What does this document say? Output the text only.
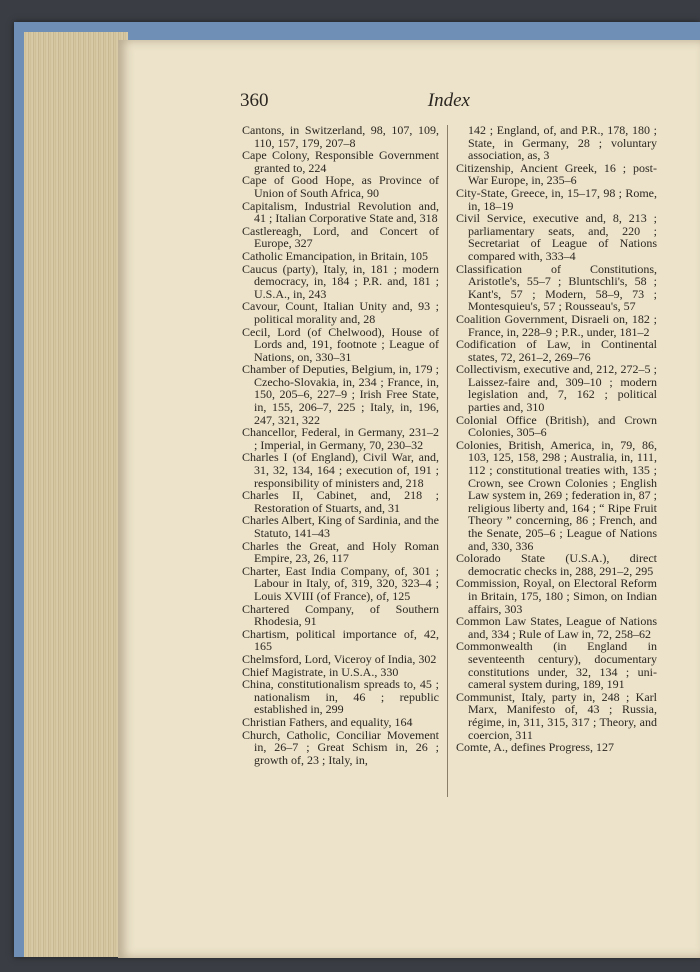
360	Index

Cantons, in Switzerland, 98, 107, 109, 110, 157, 179, 207–8

Cape Colony, Responsible Government granted to, 224

Cape of Good Hope, as Province of Union of South Africa, 90

Capitalism, Industrial Revolution and, 41 ; Italian Corporative State and, 318

Castlereagh, Lord, and Concert of Europe, 327

Catholic Emancipation, in Britain, 105

Caucus (party), Italy, in, 181 ; modern democracy, in, 184 ; P.R. and, 181 ; U.S.A., in, 243

Cavour, Count, Italian Unity and, 93 ; political morality and, 28

Cecil, Lord (of Chelwood), House of Lords and, 191, footnote ; League of Nations, on, 330–31

Chamber of Deputies, Belgium, in, 179 ; Czecho-Slovakia, in, 234 ; France, in, 150, 205–6, 227–9 ; Irish Free State, in, 155, 206–7, 225 ; Italy, in, 196, 247, 321, 322

Chancellor, Federal, in Germany, 231–2 ; Imperial, in Germany, 70, 230–32

Charles I (of England), Civil War, and, 31, 32, 134, 164 ; execution of, 191 ; responsibility of ministers and, 218

Charles II, Cabinet, and, 218 ; Restoration of Stuarts, and, 31

Charles Albert, King of Sardinia, and the Statuto, 141–43

Charles the Great, and Holy Roman Empire, 23, 26, 117

Charter, East India Company, of, 301 ; Labour in Italy, of, 319, 320, 323–4 ; Louis XVIII (of France), of, 125

Chartered Company, of Southern Rhodesia, 91

Chartism, political importance of, 42, 165

Chelmsford, Lord, Viceroy of India, 302

Chief Magistrate, in U.S.A., 330

China, constitutionalism spreads to, 45 ; nationalism in, 46 ; republic established in, 299

Christian Fathers, and equality, 164

Church, Catholic, Conciliar Movement in, 26–7 ; Great Schism in, 26 ; growth of, 23 ; Italy, in,

142 ; England, of, and P.R., 178, 180 ; State, in Germany, 28 ; voluntary association, as, 3

Citizenship, Ancient Greek, 16 ; post-War Europe, in, 235–6

City-State, Greece, in, 15–17, 98 ; Rome, in, 18–19

Civil Service, executive and, 8, 213 ; parliamentary seats, and, 220 ; Secretariat of League of Nations compared with, 333–4

Classification of Constitutions, Aristotle's, 55–7 ; Bluntschli's, 58 ; Kant's, 57 ; Modern, 58–9, 73 ; Montesquieu's, 57 ; Rousseau's, 57

Coalition Government, Disraeli on, 182 ; France, in, 228–9 ; P.R., under, 181–2

Codification of Law, in Continental states, 72, 261–2, 269–76

Collectivism, executive and, 212, 272–5 ; Laissez-faire and, 309–10 ; modern legislation and, 7, 162 ; political parties and, 310

Colonial Office (British), and Crown Colonies, 305–6

Colonies, British, America, in, 79, 86, 103, 125, 158, 298 ; Australia, in, 111, 112 ; constitutional treaties with, 135 ; Crown, see Crown Colonies ; English Law system in, 269 ; federation in, 87 ; religious liberty and, 164 ; “ Ripe Fruit Theory ” concerning, 86 ; French, and the Senate, 205–6 ; League of Nations and, 330, 336

Colorado State (U.S.A.), direct democratic checks in, 288, 291–2, 295

Commission, Royal, on Electoral Reform in Britain, 175, 180 ; Simon, on Indian affairs, 303

Common Law States, League of Nations and, 334 ; Rule of Law in, 72, 258–62

Commonwealth (in England in seventeenth century), documentary constitutions under, 32, 134 ; uni-cameral system during, 189, 191

Communist, Italy, party in, 248 ; Karl Marx, Manifesto of, 43 ; Russia, régime, in, 311, 315, 317 ; Theory, and coercion, 311

Comte, A., defines Progress, 127
